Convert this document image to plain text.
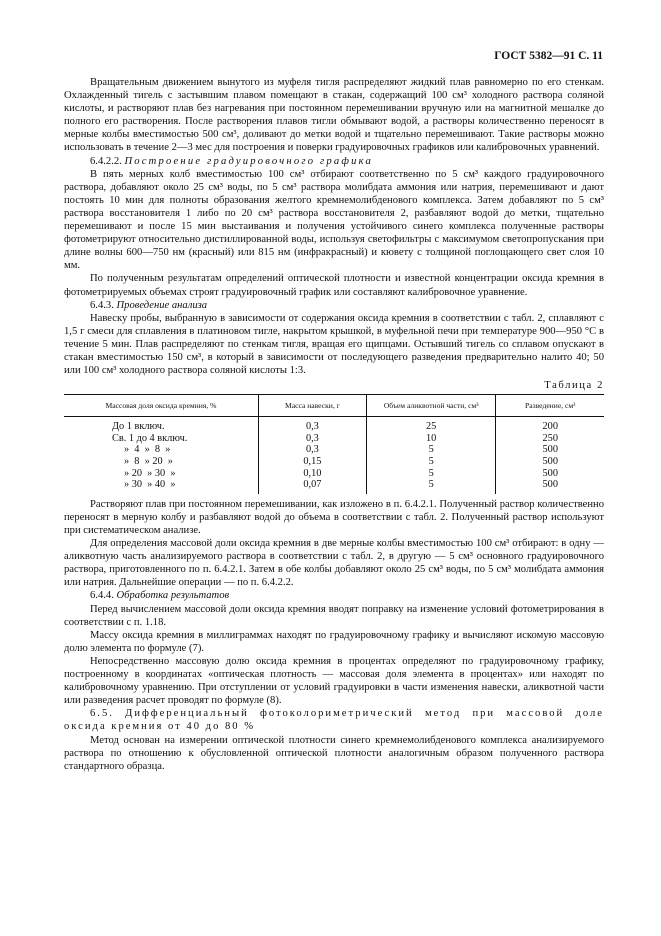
ГОСТ 5382—91 С. 11

Вращательным движением вынутого из муфеля тигля распределяют жидкий плав равномерно по его стенкам. Охлажденный тигель с застывшим плавом помещают в стакан, содержащий 100 см³ холодного раствора соляной кислоты, и растворяют плав без нагревания при постоянном перемешивании вручную или на магнитной мешалке до полного его растворения. После растворения плавов тигли обмывают водой, а растворы количественно переносят в мерные колбы вместимостью 500 см³, доливают до метки водой и тщательно перемешивают. Такие растворы можно использовать в течение 2—3 мес для построения и поверки градуировочных графиков или калибровочных уравнений.

6.4.2.2. Построение градуировочного графика

В пять мерных колб вместимостью 100 см³ отбирают соответственно по 5 см³ каждого градуировочного раствора, добавляют около 25 см³ воды, по 5 см³ раствора молибдата аммония или натрия, перемешивают и дают постоять 10 мин для полноты образования желтого кремнемолибденового комплекса. Затем добавляют по 5 см³ раствора восстановителя 1 либо по 20 см³ раствора восстановителя 2, разбавляют водой до метки, тщательно перемешивают и после 15 мин выстаивания и получения устойчивого синего комплекса полученные растворы фотометрируют относительно дистиллированной воды, используя светофильтры с максимумом светопропускания при длине волны 600—750 нм (красный) или 815 нм (инфракрасный) и кювету с толщиной поглощающего свет слоя 10 мм.

По полученным результатам определений оптической плотности и известной концентрации оксида кремния в фотометрируемых объемах строят градуировочный график или составляют калибровочное уравнение.

6.4.3. Проведение анализа

Навеску пробы, выбранную в зависимости от содержания оксида кремния в соответствии с табл. 2, сплавляют с 1,5 г смеси для сплавления в платиновом тигле, накрытом крышкой, в муфельной печи при температуре 900—950 °С в течение 5 мин. Плав распределяют по стенкам тигля, вращая его щипцами. Остывший тигель со сплавом опускают в стакан вместимостью 150 см³, в который в зависимости от последующего разведения предварительно налито 40; 50 или 100 см³ холодного раствора соляной кислоты 1:3.

Таблица 2
Массовая доля оксида кремния, %	Масса навески, г	Объем аликвотной части, см³	Разведение, см³
До 1 включ.	0,3	25	200
Св. 1 до 4 включ.	0,3	10	250
»  4  »  8  »	0,3	5	500
»  8  » 20  »	0,15	5	500
» 20  » 30  »	0,10	5	500
» 30  » 40  »	0,07	5	500

Растворяют плав при постоянном перемешивании, как изложено в п. 6.4.2.1. Полученный раствор количественно переносят в мерную колбу и разбавляют водой до объема в соответствии с табл. 2. Полученный раствор используют при систематическом анализе.

Для определения массовой доли оксида кремния в две мерные колбы вместимостью 100 см³ отбирают: в одну — аликвотную часть анализируемого раствора в соответствии с табл. 2, в другую — 5 см³ основного градуировочного раствора, приготовленного по п. 6.4.2.1. Затем в обе колбы добавляют около 25 см³ воды, по 5 см³ молибдата аммония или натрия. Дальнейшие операции — по п. 6.4.2.2.

6.4.4. Обработка результатов

Перед вычислением массовой доли оксида кремния вводят поправку на изменение условий фотометрирования в соответствии с п. 1.18.

Массу оксида кремния в миллиграммах находят по градуировочному графику и вычисляют искомую массовую долю элемента по формуле (7).

Непосредственно массовую долю оксида кремния в процентах определяют по градуировочному графику, построенному в координатах «оптическая плотность — массовая доля элемента в процентах» или находят по калибровочному уравнению. При отступлении от условий градуировки в части изменения навески, аликвотной части или разведения расчет проводят по формуле (8).

6.5. Дифференциальный фотоколориметрический метод при массовой доле оксида кремния от 40 до 80 %

Метод основан на измерении оптической плотности синего кремнемолибденового комплекса анализируемого раствора по отношению к обусловленной оптической плотности аналогичным образом полученного раствора стандартного образца.
